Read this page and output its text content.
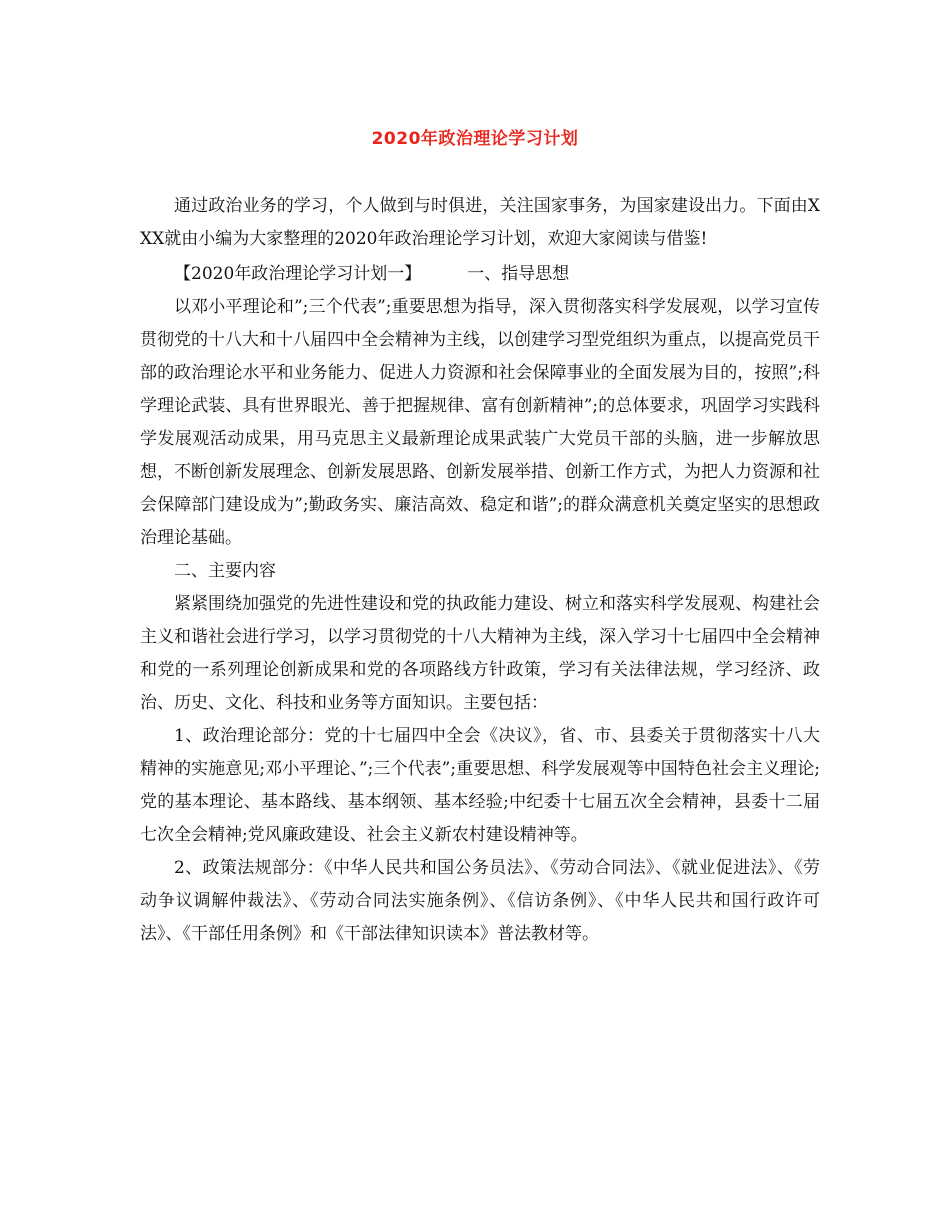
2020年政治理论学习计划

通过政治业务的学习，个人做到与时俱进，关注国家事务，为国家建设出力。下面由XXX就由小编为大家整理的2020年政治理论学习计划，欢迎大家阅读与借鉴!

【2020年政治理论学习计划一】	一、指导思想

以邓小平理论和”;三个代表”;重要思想为指导，深入贯彻落实科学发展观，以学习宣传贯彻党的十八大和十八届四中全会精神为主线，以创建学习型党组织为重点，以提高党员干部的政治理论水平和业务能力、促进人力资源和社会保障事业的全面发展为目的，按照”;科学理论武装、具有世界眼光、善于把握规律、富有创新精神”;的总体要求，巩固学习实践科学发展观活动成果，用马克思主义最新理论成果武装广大党员干部的头脑，进一步解放思想，不断创新发展理念、创新发展思路、创新发展举措、创新工作方式，为把人力资源和社会保障部门建设成为”;勤政务实、廉洁高效、稳定和谐”;的群众满意机关奠定坚实的思想政治理论基础。

二、主要内容

紧紧围绕加强党的先进性建设和党的执政能力建设、树立和落实科学发展观、构建社会主义和谐社会进行学习，以学习贯彻党的十八大精神为主线，深入学习十七届四中全会精神和党的一系列理论创新成果和党的各项路线方针政策，学习有关法律法规，学习经济、政治、历史、文化、科技和业务等方面知识。主要包括：

1、政治理论部分：党的十七届四中全会《决议》，省、市、县委关于贯彻落实十八大精神的实施意见;邓小平理论、”;三个代表”;重要思想、科学发展观等中国特色社会主义理论;党的基本理论、基本路线、基本纲领、基本经验;中纪委十七届五次全会精神，县委十二届七次全会精神;党风廉政建设、社会主义新农村建设精神等。

2、政策法规部分：《中华人民共和国公务员法》、《劳动合同法》、《就业促进法》、《劳动争议调解仲裁法》、《劳动合同法实施条例》、《信访条例》、《中华人民共和国行政许可法》、《干部任用条例》和《干部法律知识读本》普法教材等。
